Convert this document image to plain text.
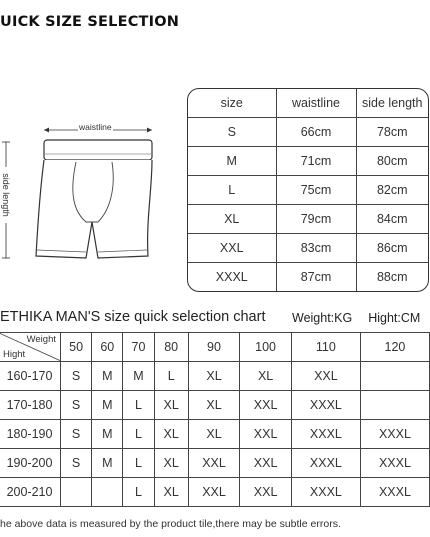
UICK SIZE SELECTION
waistline
side length
size	waistline	side length
S	66cm	78cm
M	71cm	80cm
L	75cm	82cm
XL	79cm	84cm
XXL	83cm	86cm
XXXL	87cm	88cm
ETHIKA MAN'S size quick selection chart Weight:KG Hight:CM
Weight
Hight	50	60	70	80	90	100	110	120
160-170	S	M	M	L	XL	XL	XXL	
170-180	S	M	L	XL	XL	XXL	XXXL	
180-190	S	M	L	XL	XL	XXL	XXXL	XXXL
190-200	S	M	L	XL	XXL	XXL	XXXL	XXXL
200-210			L	XL	XXL	XXL	XXXL	XXXL
he above data is measured by the product tile,there may be subtle errors.
